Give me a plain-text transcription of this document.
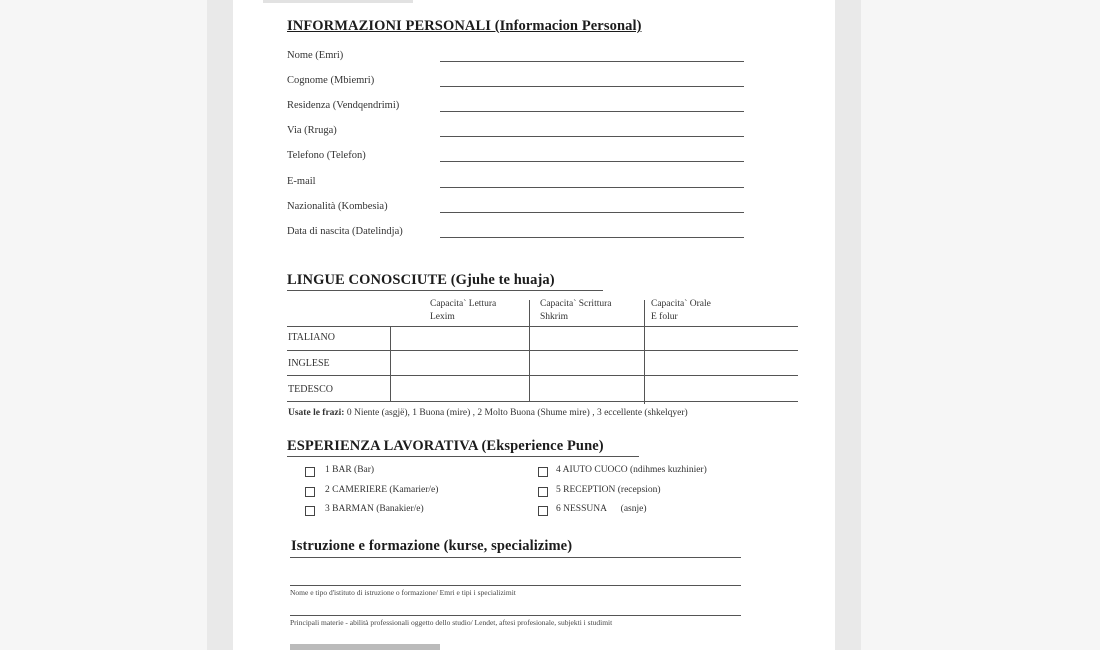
INFORMAZIONI PERSONALI (Informacion Personal)
Nome (Emri)
Cognome (Mbiemri)
Residenza (Vendqendrimi)
Via (Rruga)
Telefono (Telefon)
E-mail
Nazionalità (Kombesia)
Data di nascita (Datelindja)
LINGUE CONOSCIUTE (Gjuhe te huaja)
Capacita` Lettura
Lexim
Capacita` Scrittura
Shkrim
Capacita` Orale
E folur
ITALIANO
INGLESE
TEDESCO
Usate le frazi: 0 Niente (asgjë), 1 Buona (mire) , 2 Molto Buona (Shume mire) , 3 eccellente (shkelqyer)
ESPERIENZA LAVORATIVA (Eksperience Pune)
1 BAR (Bar)
2 CAMERIERE (Kamarier/e)
3 BARMAN (Banakier/e)
4 AIUTO CUOCO (ndihmes kuzhinier)
5 RECEPTION (recepsion)
6 NESSUNA      (asnje)
Istruzione e formazione (kurse, specializime)
Nome e tipo d'istituto di istruzione o formazione/ Emri e tipi i specializimit
Principali materie - abilità professionali oggetto dello studio/ Lendet, aftesi profesionale, subjekti i studimit
